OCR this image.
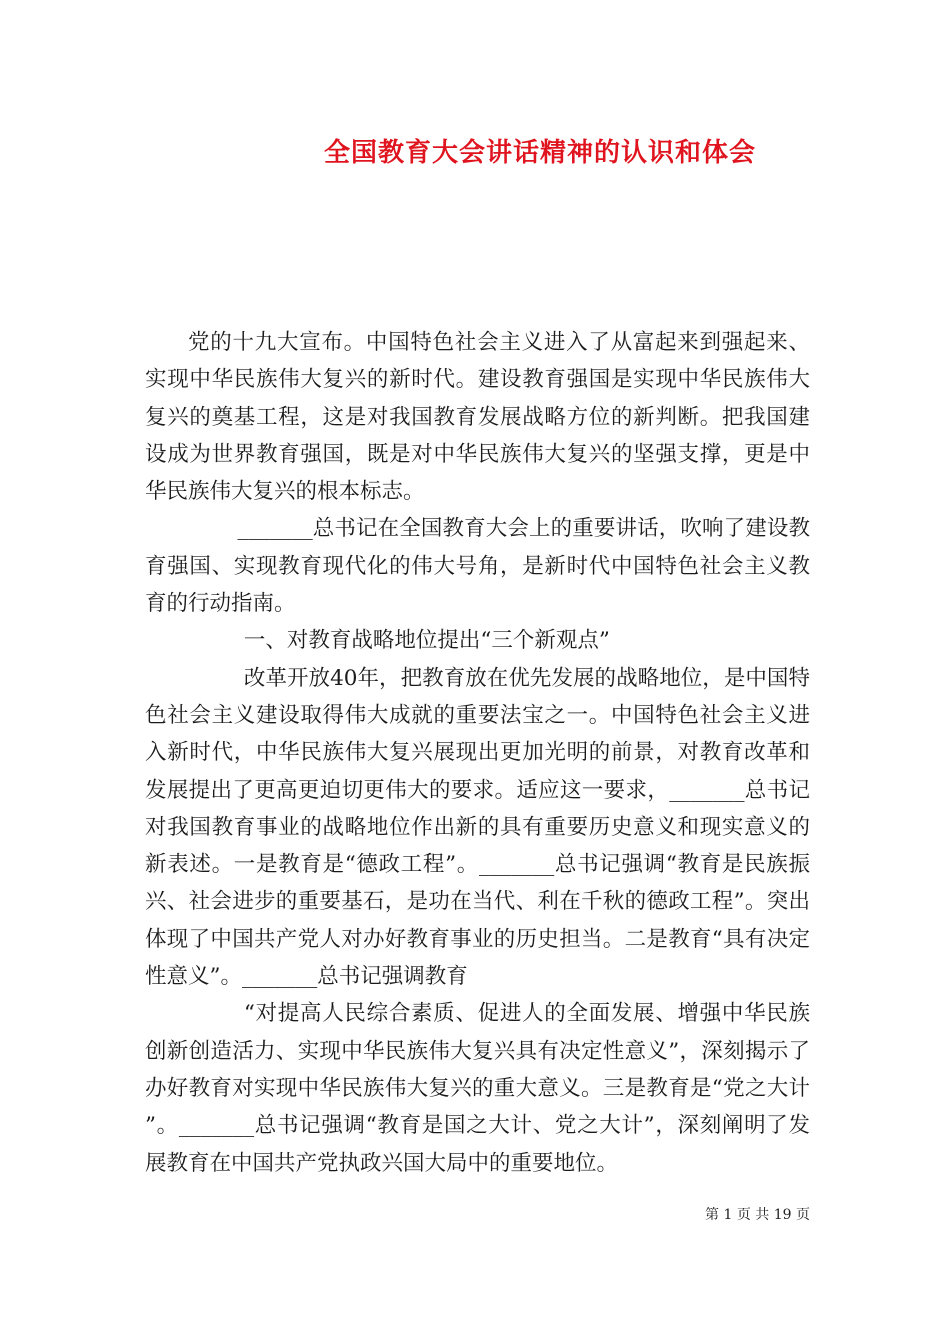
全国教育大会讲话精神的认识和体会

党的十九大宣布。中国特色社会主义进入了从富起来到强起来、实现中华民族伟大复兴的新时代。建设教育强国是实现中华民族伟大复兴的奠基工程，这是对我国教育发展战略方位的新判断。把我国建设成为世界教育强国，既是对中华民族伟大复兴的坚强支撑，更是中华民族伟大复兴的根本标志。

_______总书记在全国教育大会上的重要讲话，吹响了建设教育强国、实现教育现代化的伟大号角，是新时代中国特色社会主义教育的行动指南。

一、对教育战略地位提出“三个新观点”

改革开放40年，把教育放在优先发展的战略地位，是中国特色社会主义建设取得伟大成就的重要法宝之一。中国特色社会主义进入新时代，中华民族伟大复兴展现出更加光明的前景，对教育改革和发展提出了更高更迫切更伟大的要求。适应这一要求，_______总书记对我国教育事业的战略地位作出新的具有重要历史意义和现实意义的新表述。一是教育是“德政工程”。_______总书记强调“教育是民族振兴、社会进步的重要基石，是功在当代、利在千秋的德政工程”。突出体现了中国共产党人对办好教育事业的历史担当。二是教育“具有决定性意义”。_______总书记强调教育

“对提高人民综合素质、促进人的全面发展、增强中华民族创新创造活力、实现中华民族伟大复兴具有决定性意义”，深刻揭示了办好教育对实现中华民族伟大复兴的重大意义。三是教育是“党之大计”。_______总书记强调“教育是国之大计、党之大计”，深刻阐明了发展教育在中国共产党执政兴国大局中的重要地位。

第 1 页 共 19 页
